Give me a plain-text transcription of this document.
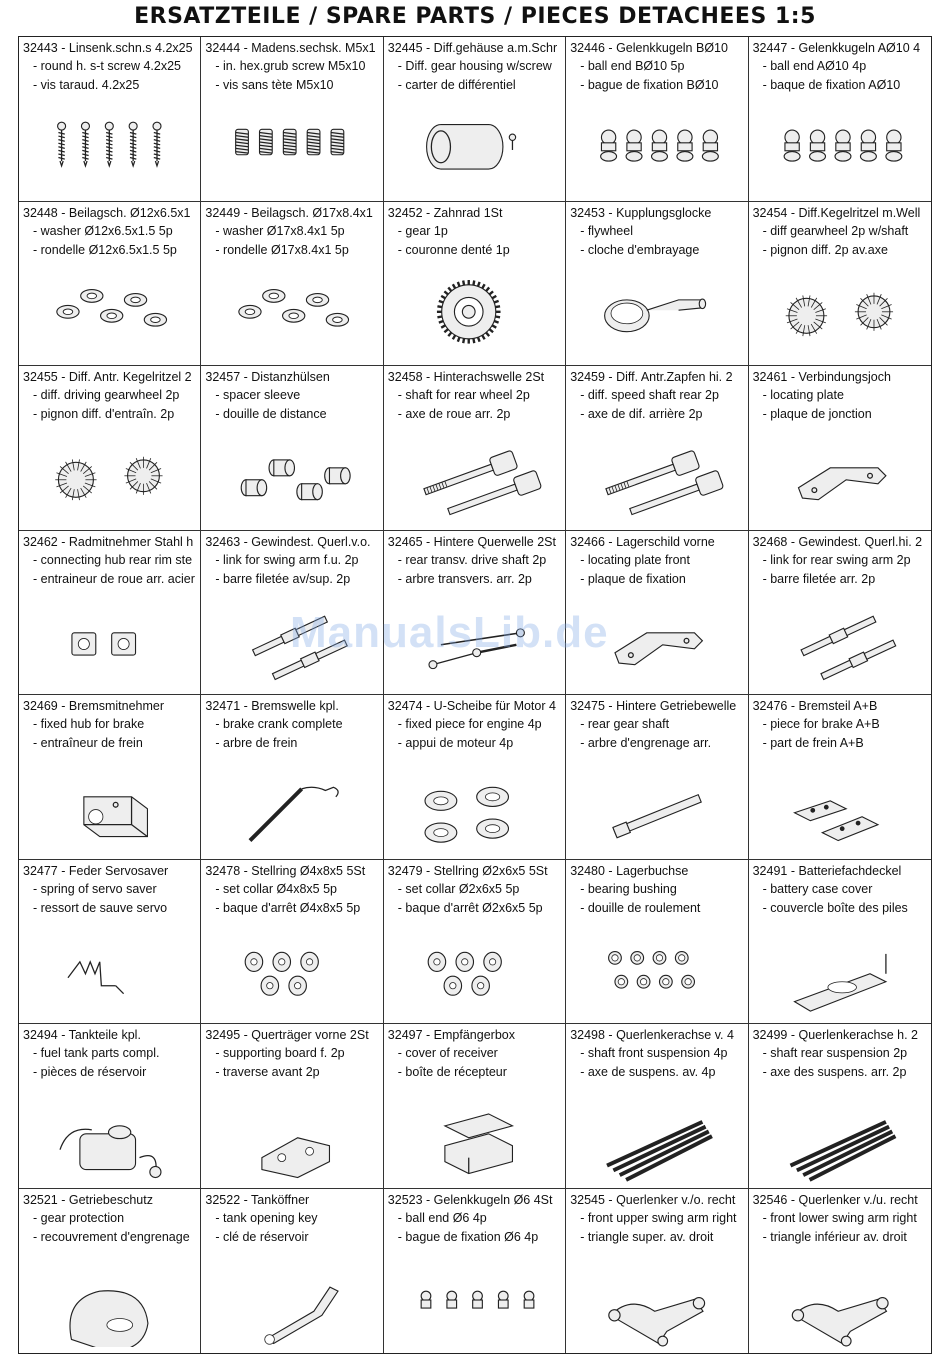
ERSATZTEILE / SPARE PARTS / PIECES DETACHEES 1:5
32443 - Linsenk.schn.s 4.2x25
- round h. s-t screw 4.2x25
- vis taraud. 4.2x25
32444 - Madens.sechsk. M5x1
- in. hex.grub screw M5x10
- vis sans tète M5x10
32445 - Diff.gehäuse a.m.Schr
- Diff. gear housing w/screw
- carter de différentiel
32446 - Gelenkkugeln BØ10
- ball end BØ10 5p
- bague de fixation BØ10
32447 - Gelenkkugeln AØ10 4
- ball end AØ10 4p
- baque de fixation AØ10
32448 - Beilagsch. Ø12x6.5x1
- washer Ø12x6.5x1.5 5p
- rondelle Ø12x6.5x1.5 5p
32449 - Beilagsch. Ø17x8.4x1
- washer Ø17x8.4x1 5p
- rondelle Ø17x8.4x1 5p
32452 - Zahnrad 1St
- gear 1p
- couronne denté 1p
32453 - Kupplungsglocke
- flywheel
- cloche d'embrayage
32454 - Diff.Kegelritzel m.Well
- diff gearwheel 2p w/shaft
- pignon diff. 2p av.axe
32455 - Diff. Antr. Kegelritzel 2
- diff. driving gearwheel 2p
- pignon diff. d'entraîn. 2p
32457 - Distanzhülsen
- spacer sleeve
- douille de distance
32458 - Hinterachswelle 2St
- shaft for rear wheel 2p
- axe de roue arr. 2p
32459 - Diff. Antr.Zapfen hi. 2
- diff. speed shaft rear 2p
- axe de dif. arrière 2p
32461 - Verbindungsjoch
- locating plate
- plaque de jonction
32462 - Radmitnehmer Stahl h
- connecting hub rear rim ste
- entraineur de roue arr. acier
32463 - Gewindest. Querl.v.o.
- link for swing arm f.u. 2p
- barre filetée av/sup. 2p
32465 - Hintere Querwelle 2St
- rear transv. drive shaft 2p
- arbre transvers. arr. 2p
32466 - Lagerschild vorne
- locating plate front
- plaque de fixation
32468 - Gewindest. Querl.hi. 2
- link for rear swing arm 2p
- barre filetée arr. 2p
32469 - Bremsmitnehmer
- fixed hub for brake
- entraîneur de frein
32471 - Bremswelle kpl.
- brake crank complete
- arbre de frein
32474 - U-Scheibe für Motor 4
- fixed piece for engine 4p
- appui de moteur 4p
32475 - Hintere Getriebewelle
- rear gear shaft
- arbre d'engrenage arr.
32476 - Bremsteil A+B
- piece for brake A+B
- part de frein A+B
32477 - Feder Servosaver
- spring of servo saver
- ressort de sauve servo
32478 - Stellring Ø4x8x5 5St
- set collar Ø4x8x5 5p
- baque d'arrêt Ø4x8x5 5p
32479 - Stellring Ø2x6x5 5St
- set collar Ø2x6x5 5p
- baque d'arrêt Ø2x6x5 5p
32480 - Lagerbuchse
- bearing bushing
- douille de roulement
32491 - Batteriefachdeckel
- battery case cover
- couvercle boîte des piles
32494 - Tankteile kpl.
- fuel tank parts compl.
- pièces de réservoir
32495 - Querträger vorne 2St
- supporting board f. 2p
- traverse avant 2p
32497 - Empfängerbox
- cover of receiver
- boîte de récepteur
32498 - Querlenkerachse v. 4
- shaft front suspension 4p
- axe de suspens. av. 4p
32499 - Querlenkerachse h. 2
- shaft rear suspension 2p
- axe des suspens. arr. 2p
32521 - Getriebeschutz
- gear protection
- recouvrement d'engrenage
32522 - Tanköffner
- tank opening key
- clé de réservoir
32523 - Gelenkkugeln Ø6 4St
- ball end Ø6 4p
- bague de fixation Ø6 4p
32545 - Querlenker v./o. recht
- front upper swing arm right
- triangle super. av. droit
32546 - Querlenker v./u. recht
- front lower swing arm right
- triangle inférieur av. droit
ManualsLib.de
